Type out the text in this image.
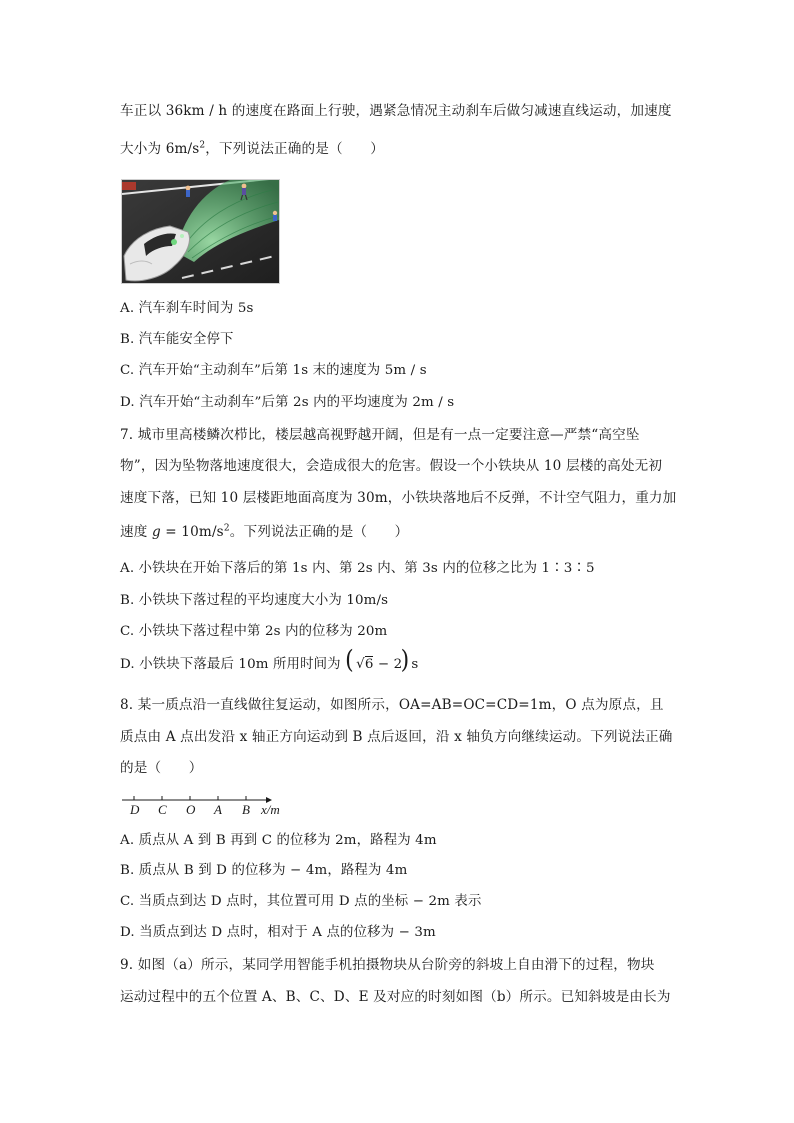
车正以 36km / h 的速度在路面上行驶，遇紧急情况主动刹车后做匀减速直线运动，加速度
大小为 $6m/s^2$，下列说法正确的是（　　）
A. 汽车刹车时间为 5s
B. 汽车能安全停下
C. 汽车开始“主动刹车”后第 1s 末的速度为 5m / s
D. 汽车开始“主动刹车”后第 2s 内的平均速度为 2m / s
7. 城市里高楼鳞次栉比，楼层越高视野越开阔，但是有一点一定要注意—严禁“高空坠
物”，因为坠物落地速度很大，会造成很大的危害。假设一个小铁块从 10 层楼的高处无初
速度下落，已知 10 层楼距地面高度为 30m，小铁块落地后不反弹，不计空气阻力，重力加
速度 $g = 10m/s^2$。下列说法正确的是（　　）
A. 小铁块在开始下落后的第 1s 内、第 2s 内、第 3s 内的位移之比为 1∶3∶5
B. 小铁块下落过程的平均速度大小为 10m/s
C. 小铁块下落过程中第 2s 内的位移为 20m
D. 小铁块下落最后 10m 所用时间为 ( √6 − 2
) s
8. 某一质点沿一直线做往复运动，如图所示，OA=AB=OC=CD=1m，O 点为原点，且
质点由 A 点出发沿 x 轴正方向运动到 B 点后返回，沿 x 轴负方向继续运动。下列说法正确
的是（　　）
D C O A B x/m
A. 质点从 A 到 B 再到 C 的位移为 2m，路程为 4m
B. 质点从 B 到 D 的位移为 − 4m，路程为 4m
C. 当质点到达 D 点时，其位置可用 D 点的坐标 − 2m 表示
D. 当质点到达 D 点时，相对于 A 点的位移为 − 3m
9. 如图（a）所示，某同学用智能手机拍摄物块从台阶旁的斜坡上自由滑下的过程，物块
运动过程中的五个位置 A、B、C、D、E 及对应的时刻如图（b）所示。已知斜坡是由长为
